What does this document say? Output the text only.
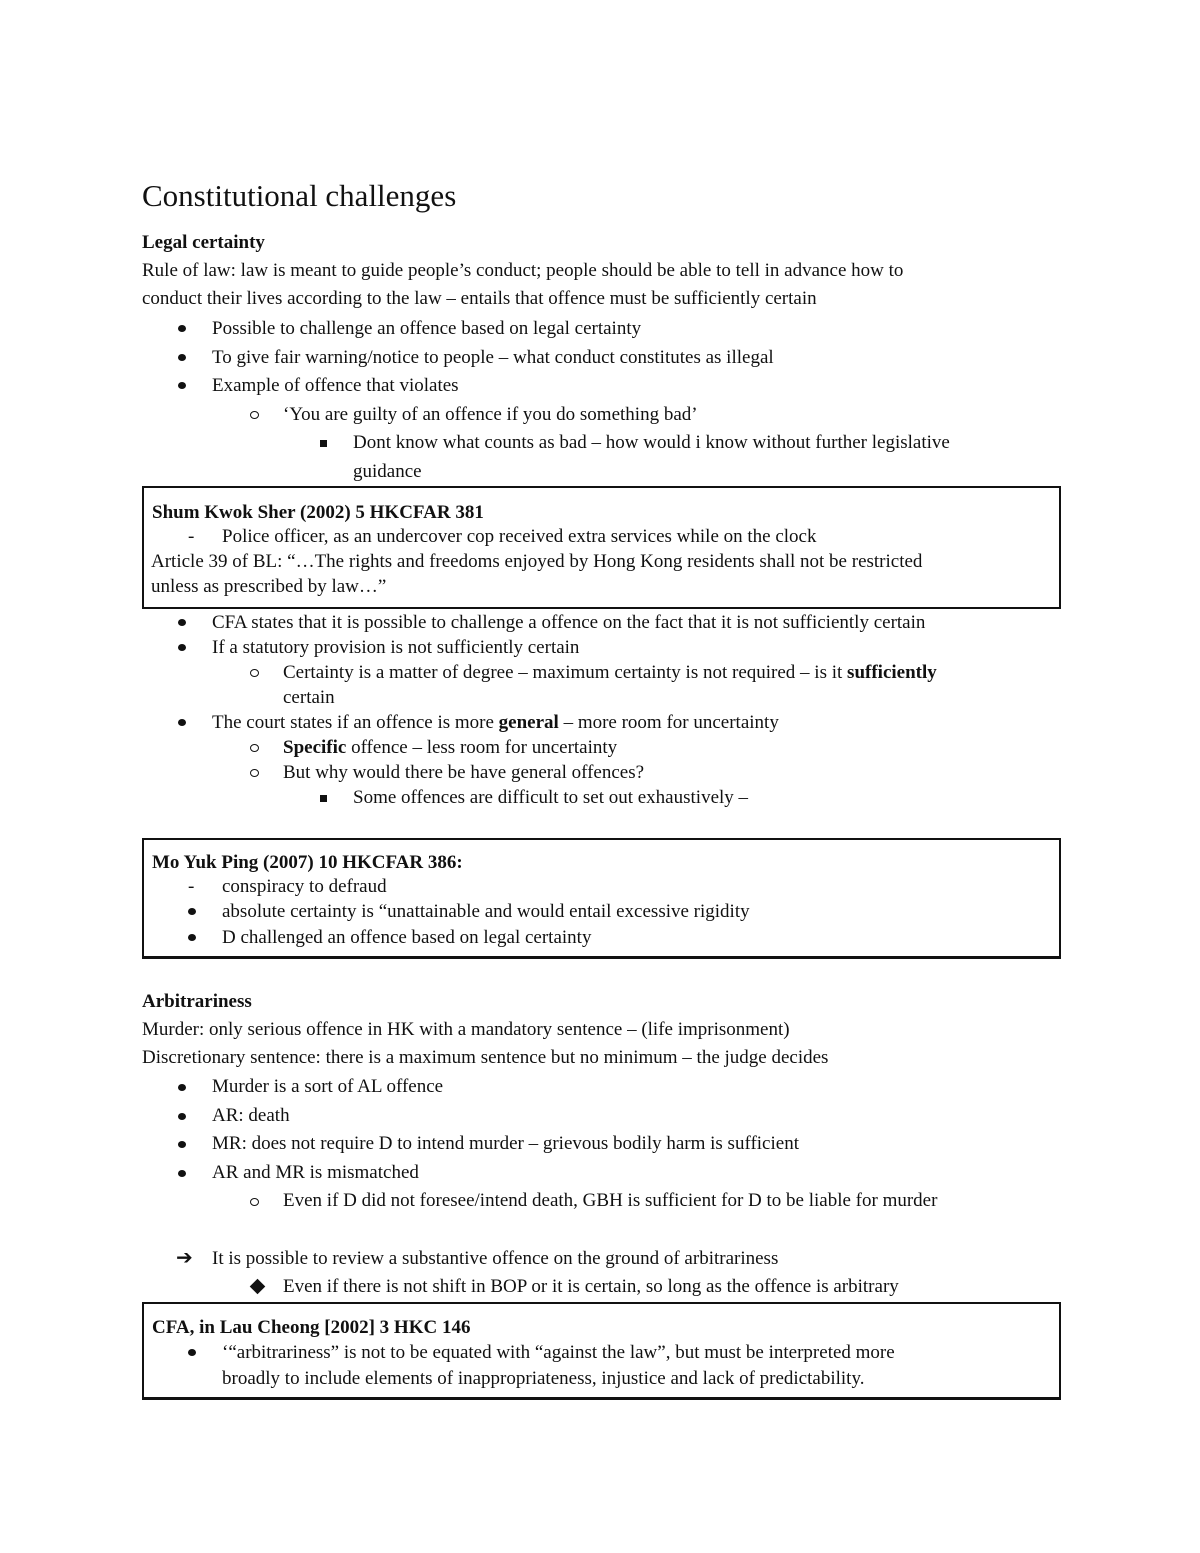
Constitutional challenges
Legal certainty
Rule of law: law is meant to guide people’s conduct; people should be able to tell in advance how to
conduct their lives according to the law – entails that offence must be sufficiently certain
Possible to challenge an offence based on legal certainty
To give fair warning/notice to people – what conduct constitutes as illegal
Example of offence that violates
‘You are guilty of an offence if you do something bad’
Dont know what counts as bad – how would i know without further legislative
guidance
Shum Kwok Sher (2002) 5 HKCFAR 381
- Police officer, as an undercover cop received extra services while on the clock
Article 39 of BL: “…The rights and freedoms enjoyed by Hong Kong residents shall not be restricted
unless as prescribed by law…”
CFA states that it is possible to challenge a offence on the fact that it is not sufficiently certain
If a statutory provision is not sufficiently certain
Certainty is a matter of degree – maximum certainty is not required – is it sufficiently
certain
The court states if an offence is more general – more room for uncertainty
Specific offence – less room for uncertainty
But why would there be have general offences?
Some offences are difficult to set out exhaustively –
Mo Yuk Ping (2007) 10 HKCFAR 386:
- conspiracy to defraud
absolute certainty is “unattainable and would entail excessive rigidity
D challenged an offence based on legal certainty
Arbitrariness
Murder: only serious offence in HK with a mandatory sentence – (life imprisonment)
Discretionary sentence: there is a maximum sentence but no minimum – the judge decides
Murder is a sort of AL offence
AR: death
MR: does not require D to intend murder – grievous bodily harm is sufficient
AR and MR is mismatched
Even if D did not foresee/intend death, GBH is sufficient for D to be liable for murder
➔ It is possible to review a substantive offence on the ground of arbitrariness
Even if there is not shift in BOP or it is certain, so long as the offence is arbitrary
CFA, in Lau Cheong [2002] 3 HKC 146
‘“arbitrariness” is not to be equated with “against the law”, but must be interpreted more
broadly to include elements of inappropriateness, injustice and lack of predictability.
